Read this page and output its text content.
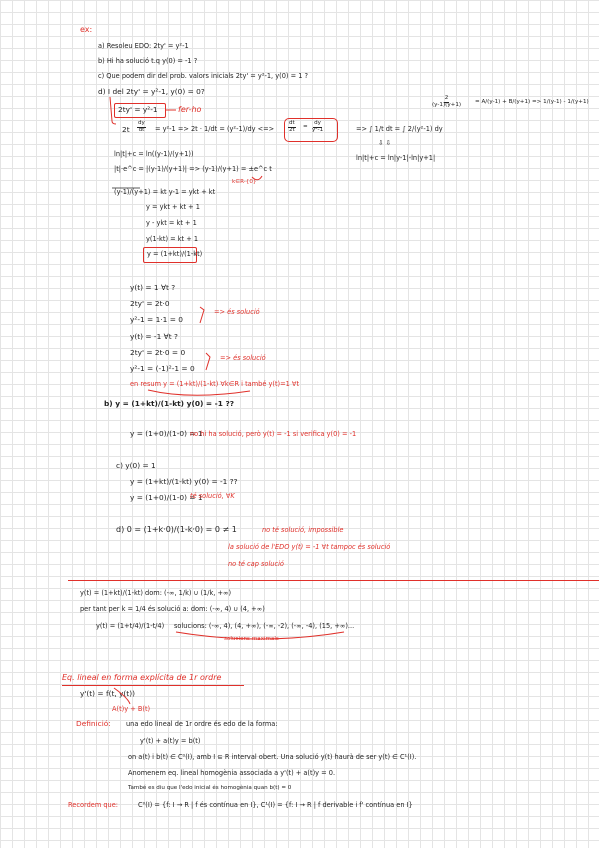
ex:
a) Resoleu EDO: 2ty' = y²-1
b) Hi ha solució t.q y(0) = -1 ?
c) Que podem dir del prob. valors inicials 2ty' = y²-1, y(0) = 1 ?
d) I del 2ty' = y²-1, y(0) = 0?
2ty' = y²-1	fer-ho
$2t \frac{dy}{dt} = y^2-1 => 2t \cdot 1/dt = (y^2-1)/dy$ <=> $\frac{dt}{2t} = \frac{dy}{\text{y²-1}}$	=> ∫ 1/t dt = ∫ 2/(y²-1) dy
⇩ ⇩
ln|t|+c = ln|y-1|-ln|y+1|
$\frac{2}{(y-1)(y+1)} = A/(y-1) + B/(y+1) => 1/(y-1) - 1/(y+1)$
ln|t|+c = ln((y-1)/(y+1))
|t|·e^c = |(y-1)/(y+1)| => (y-1)/(y+1) = ±e^c t
k∈R-{0}
(y-1)/(y+1) = kt y-1 = ykt + kt
y = ykt + kt + 1
y - ykt = kt + 1
y(1-kt) = kt + 1
y = (1+kt)/(1-kt)
y(t) = 1 ∀t ?
2ty' = 2t·0
y²-1 = 1·1 = 0
=> és solució
y(t) = -1 ∀t ?
2ty' = 2t·0 = 0
y²-1 = (-1)²-1 = 0
=> és solució
en resum y = (1+kt)/(1-kt) ∀k∈R i també y(t)=1 ∀t
b) y = (1+kt)/(1-kt) y(0) = -1 ??
y = (1+0)/(1-0) = 1
no hi ha solució, però y(t) = -1 si verifica y(0) = -1
c) y(0) = 1
y = (1+kt)/(1-kt) y(0) = -1 ??
y = (1+0)/(1-0) = 1
té solució, ∀K
d) 0 = (1+k·0)/(1-k·0) = 0 ≠ 1	no té solució, impossible
la solució de l'EDO y(t) = -1 ∀t tampoc és solució
no té cap solució
y(t) = (1+kt)/(1-kt) dom: (-∞, 1/k) ∪ (1/k, +∞)
per tant per k = 1/4 és solució a: dom: (-∞, 4) ∪ (4, +∞)
y(t) = (1+t/4)/(1-t/4) solucions: (-∞, 4), (4, +∞), (-∞, -2), (-∞, -4), (15, +∞)...
solucions maximals
Eq. lineal en forma explícita de 1r ordre
y'(t) = f(t, y(t))
A(t)y + B(t)
Definició: una edo lineal de 1r ordre és edo de la forma:
y'(t) + a(t)y = b(t)
on a(t) i b(t) ∈ C⁰(I), amb I ⊆ R interval obert. Una solució y(t) haurà de ser y(t) ∈ C¹(I).
Anomenem eq. lineal homogènia associada a y'(t) + a(t)y = 0.
També es diu que l'edo inicial és homogènia quan b(t) = 0
Recordem que:	C⁰(I) = {f: I → R | f és contínua en I}, C¹(I) = {f: I → R | f derivable i f' contínua en I}
